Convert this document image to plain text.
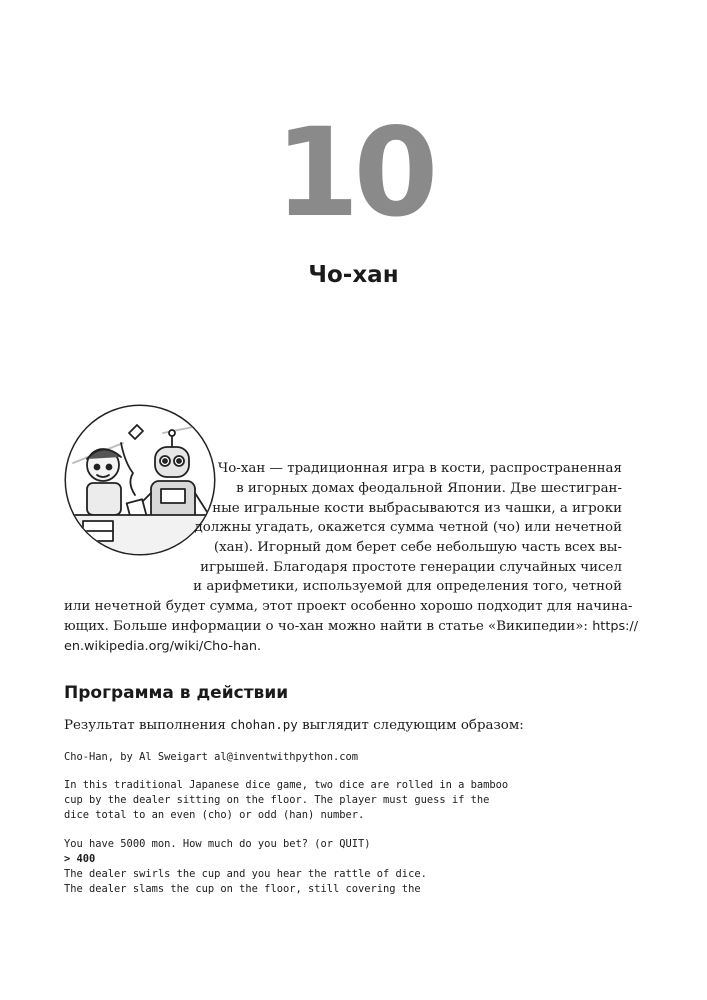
10
Чо-хан
Чо-хан — традиционная игра в кости, распространенная
в игорных домах феодальной Японии. Две шестигран-
ные игральные кости выбрасываются из чашки, а игроки
должны угадать, окажется сумма четной (чо) или нечетной
(хан). Игорный дом берет себе небольшую часть всех вы-
игрышей. Благодаря простоте генерации случайных чисел
и арифметики, используемой для определения того, четной
или нечетной будет сумма, этот проект особенно хорошо подходит для начина-
ющих. Больше информации о чо-хан можно найти в статье «Википедии»: https://
en.wikipedia.org/wiki/Cho-han.
Программа в действии
Результат выполнения chohan.py выглядит следующим образом:
Cho-Han, by Al Sweigart al@inventwithpython.com
In this traditional Japanese dice game, two dice are rolled in a bamboo
cup by the dealer sitting on the floor. The player must guess if the
dice total to an even (cho) or odd (han) number.
You have 5000 mon. How much do you bet? (or QUIT)
> 400
The dealer swirls the cup and you hear the rattle of dice.
The dealer slams the cup on the floor, still covering the
